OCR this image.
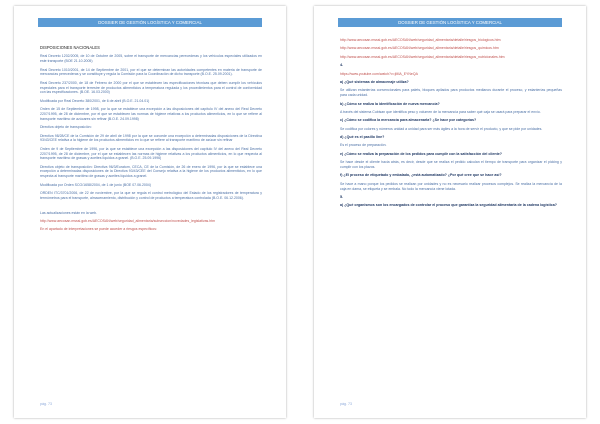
DOSSIER DE GESTIÓN LOGÍSTICA Y COMERCIAL

DISPOSICIONES NACIONALES

Real Decreto 1202/2005, de 10 de Octubre de 2005, sobre el transporte de mercancías perecederas y los vehículos especiales utilizados en este transporte (BOE 21.10.2005)

Real Decreto 1010/2001, de 14 de Septiembre de 2001, por el que se determinan las autoridades competentes en materia de transporte de mercancías perecederas y se constituye y regula la Comisión para la Coordinación de dicho transporte (B.O.E. 25.09.2001).

Real Decreto 237/2000, de 18 de Febrero de 2000 por el que se establecen las especificaciones técnicas que deben cumplir los vehículos especiales para el transporte terrestre de productos alimenticios a temperatura regulada y los procedimientos para el control de conformidad con las especificaciones. (B.OE. 16.03.2000)

Modificada por Real Decreto 380/2001, de 6 de abril (B.O.E. 21.04.01)

Orden de 15 de Septiembre de 1998, por la que se establece una excepción a las disposiciones del capítulo IV del anexo del Real Decreto 2207/1995, de 28 de diciembre, por el que se establecen las normas de higiene relativas a los productos alimenticios, en lo que se refiere al transporte marítimo de azúcares sin refinar (B.O.E. 24.09.1998)

Directiva objeto de transposición:

Directiva 98/28/CE de la Comisión de 29 de abril de 1998 por la que se concede una excepción a determinadas disposiciones de la Directiva 93/43/CEE relativa a la higiene de los productos alimenticios en lo que se refiere al transporte marítimo de azúcar sin refinar

Orden de 9 de Septiembre de 1996, por la que se establece una excepción a las disposiciones del capítulo IV del anexo del Real Decreto 2207/1995, de 28 de diciembre, por el que se establecen las normas de higiene relativas a los productos alimenticios, en lo que respecta al transporte marítimo de grasas y aceites líquidos a granel. (B.O.E. 25.09.1996)

Directiva objeto de transposición: Directiva 96/3/Euratom, CECA, CE de la Comisión, de 26 de enero de 1996, por la que se establece una excepción a determinadas disposiciones de la Directiva 93/43/CEE del Consejo relativa a la higiene de los productos alimenticios, en lo que respecta al transporte marítimo de grasas y aceites líquidos a granel.

Modificada por Orden SCO/1658/2004, de 1 de junio (BOE 07.06.2004)

ORDEN ITC/3701/2006, de 22 de noviembre, por la que se regula el control metrológico del Estado de los registradores de temperatura y termómetros para el transporte, almacenamiento, distribución y control de productos a temperatura controlada (B.O.E. 06.12.2006).

Las actualizaciones están en la web.

http://www.aecosan.msssi.gob.es/AECOSAN/web/seguridad_alimentaria/subseccion/novedades_legislativas.htm

En el apartado de interpretaciones se puede acceder a riesgos específicos:

pág. 73
DOSSIER DE GESTIÓN LOGÍSTICA Y COMERCIAL

http://www.aecosan.msssi.gob.es/AECOSAN/web/seguridad_alimentaria/detalle/riesgos_biologicos.htm

http://www.aecosan.msssi.gob.es/AECOSAN/web/seguridad_alimentaria/detalle/riesgos_quimicos.htm

http://www.aecosan.msssi.gob.es/AECOSAN/web/seguridad_alimentaria/detalle/riesgos_nutricionales.htm

4.

https://www.youtube.com/watch?v=jMIA_EYNeQA

a) ¿Qué sistemas de almacenaje utiliza?

Se utilizan estanterías convencionales para palets, bloques apilados para productos medianos durante el proceso, y estanterías pequeñas para cada unidad.

b) ¿Cómo se realiza la identificación de nueva mercancía?

A través del sistema Cubisan que identifica peso y volumen de la mercancía para saber qué caja se usará para preparar el envío.

c) ¿Cómo se codifica la mercancía para almacenarla? ¿Se hace por categorías?

Se codifica por colores y números unidad a unidad para ser más ágiles a la hora de servir el producto, y que se pide por unidades.

d) ¿Qué es el pasillo line?

Es el proceso de preparación.

e) ¿Cómo se realiza la preparación de los pedidos para cumplir con la satisfacción del cliente?

Se hace desde el cliente hacia atrás, es decir, desde que se realiza el pedido calculan el tiempo de transporte para organizar el picking y cumplir con los plazos.

f) ¿El proceso de etiquetado y embalado, ¿está automatizado? ¿Por qué cree que se hace así?

Se hace a mano porque los pedidos se realizan por unidades y no es necesario realizar procesos complejos. Se realiza la mercancía de la caja en dama, se etiqueta y se embala. No todo la mercancía viene lotada.

5.

a) ¿Qué organismos son los encargados de controlar el proceso que garantiza la seguridad alimentaria de la cadena logística?

pág. 73
